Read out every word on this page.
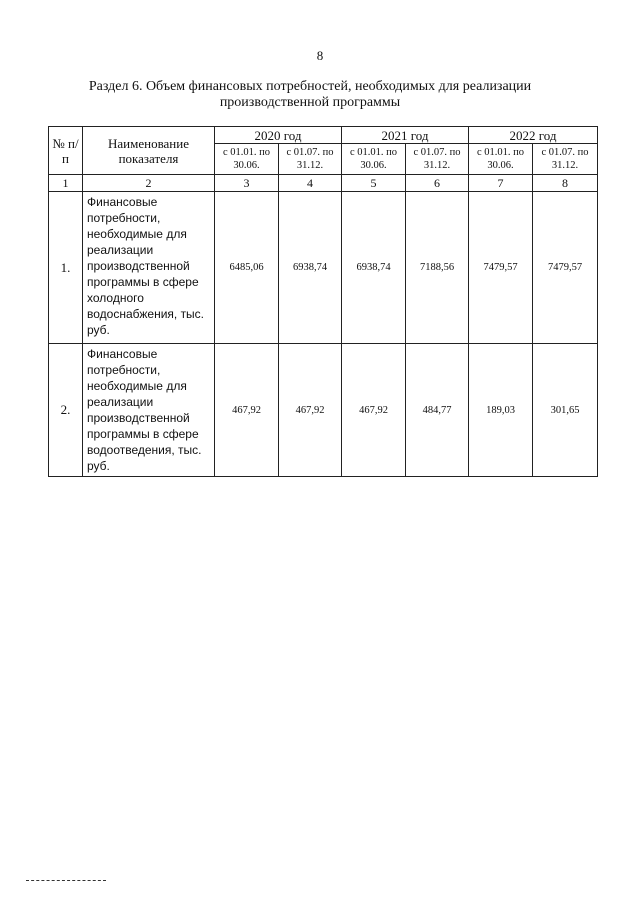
8
Раздел 6. Объем финансовых потребностей, необходимых для реализации
производственной программы
№ п/п	Наименование показателя	2020 год		2021 год		2022 год	
		с 01.01. по 30.06.	с 01.07. по 31.12.	с 01.01. по 30.06.	с 01.07. по 31.12.	с 01.01. по 30.06.	с 01.07. по 31.12.
1	2	3	4	5	6	7	8
1.	Финансовые потребности, необходимые для реализации производственной программы в сфере холодного водоснабжения, тыс. руб.	6485,06	6938,74	6938,74	7188,56	7479,57	7479,57
2.	Финансовые потребности, необходимые для реализации производственной программы в сфере водоотведения, тыс. руб.	467,92	467,92	467,92	484,77	189,03	301,65
